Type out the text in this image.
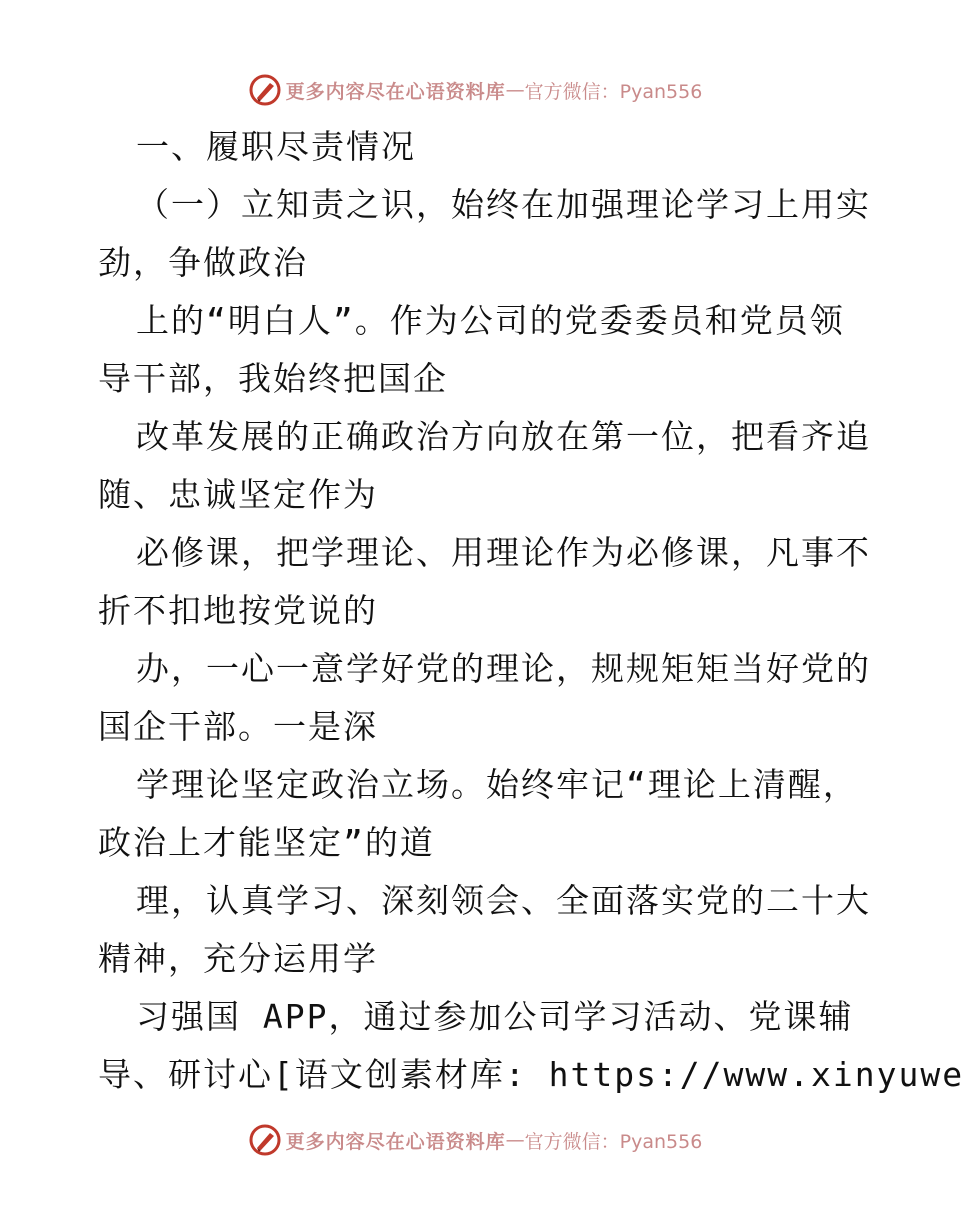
更多内容尽在心语资料库 — 官方微信：Pyan556
一、履职尽责情况
（一）立知责之识，始终在加强理论学习上用实
劲，争做政治
上的“明白人”。作为公司的党委委员和党员领
导干部，我始终把国企
改革发展的正确政治方向放在第一位，把看齐追
随、忠诚坚定作为
必修课，把学理论、用理论作为必修课，凡事不
折不扣地按党说的
办，一心一意学好党的理论，规规矩矩当好党的
国企干部。一是深
学理论坚定政治立场。始终牢记“理论上清醒，
政治上才能坚定”的道
理，认真学习、深刻领会、全面落实党的二十大
精神，充分运用学
习强国 APP，通过参加公司学习活动、党课辅
导、研讨心[语文创素材库: https://www.xinyuwe
更多内容尽在心语资料库 — 官方微信：Pyan556
